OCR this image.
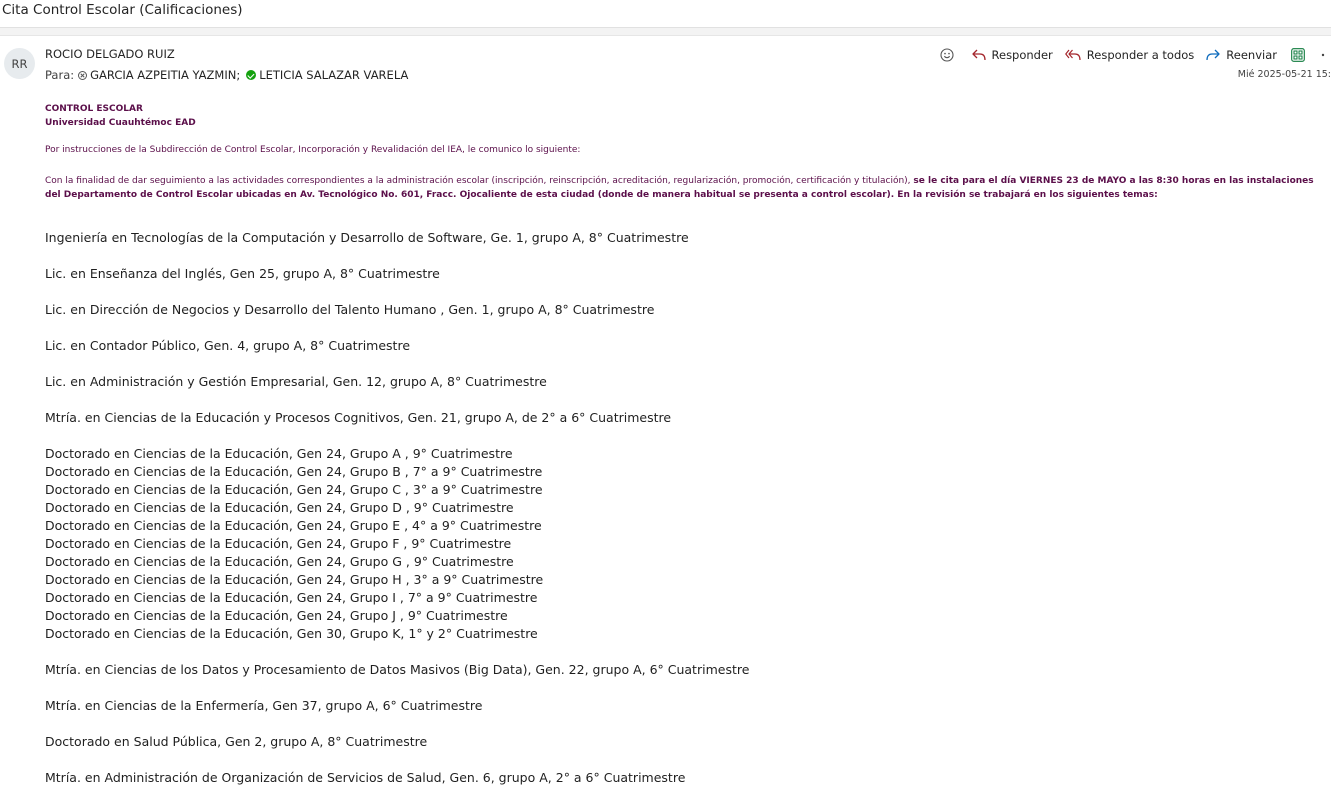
Cita Control Escolar (Calificaciones)
RR
ROCIO DELGADO RUIZ
Para: GARCIA AZPEITIA YAZMIN; LETICIA SALAZAR VARELA
Responder	Responder a todos	Reenviar
Mié 2025-05-21 15:
CONTROL ESCOLAR
Universidad Cuauhtémoc EAD
Por instrucciones de la Subdirección de Control Escolar, Incorporación y Revalidación del IEA, le comunico lo siguiente:
Con la finalidad de dar seguimiento a las actividades correspondientes a la administración escolar (inscripción, reinscripción, acreditación, regularización, promoción, certificación y titulación), se le cita para el día VIERNES 23 de MAYO a las 8:30 horas en las instalaciones del Departamento de Control Escolar ubicadas en Av. Tecnológico No. 601, Fracc. Ojocaliente de esta ciudad (donde de manera habitual se presenta a control escolar). En la revisión se trabajará en los siguientes temas:
Ingeniería en Tecnologías de la Computación y Desarrollo de Software, Ge. 1, grupo A, 8° Cuatrimestre
Lic. en Enseñanza del Inglés, Gen 25, grupo A, 8° Cuatrimestre
Lic. en Dirección de Negocios y Desarrollo del Talento Humano , Gen. 1, grupo A, 8° Cuatrimestre
Lic. en Contador Público, Gen. 4, grupo A, 8° Cuatrimestre
Lic. en Administración y Gestión Empresarial, Gen. 12, grupo A, 8° Cuatrimestre
Mtría. en Ciencias de la Educación y Procesos Cognitivos, Gen. 21, grupo A, de 2° a 6° Cuatrimestre
Doctorado en Ciencias de la Educación, Gen 24, Grupo A , 9° Cuatrimestre
Doctorado en Ciencias de la Educación, Gen 24, Grupo B , 7° a 9° Cuatrimestre
Doctorado en Ciencias de la Educación, Gen 24, Grupo C , 3° a 9° Cuatrimestre
Doctorado en Ciencias de la Educación, Gen 24, Grupo D , 9° Cuatrimestre
Doctorado en Ciencias de la Educación, Gen 24, Grupo E , 4° a 9° Cuatrimestre
Doctorado en Ciencias de la Educación, Gen 24, Grupo F , 9° Cuatrimestre
Doctorado en Ciencias de la Educación, Gen 24, Grupo G , 9° Cuatrimestre
Doctorado en Ciencias de la Educación, Gen 24, Grupo H , 3° a 9° Cuatrimestre
Doctorado en Ciencias de la Educación, Gen 24, Grupo I , 7° a 9° Cuatrimestre
Doctorado en Ciencias de la Educación, Gen 24, Grupo J , 9° Cuatrimestre
Doctorado en Ciencias de la Educación, Gen 30, Grupo K, 1° y 2° Cuatrimestre
Mtría. en Ciencias de los Datos y Procesamiento de Datos Masivos (Big Data), Gen. 22, grupo A, 6° Cuatrimestre
Mtría. en Ciencias de la Enfermería, Gen 37, grupo A, 6° Cuatrimestre
Doctorado en Salud Pública, Gen 2, grupo A, 8° Cuatrimestre
Mtría. en Administración de Organización de Servicios de Salud, Gen. 6, grupo A, 2° a 6° Cuatrimestre
